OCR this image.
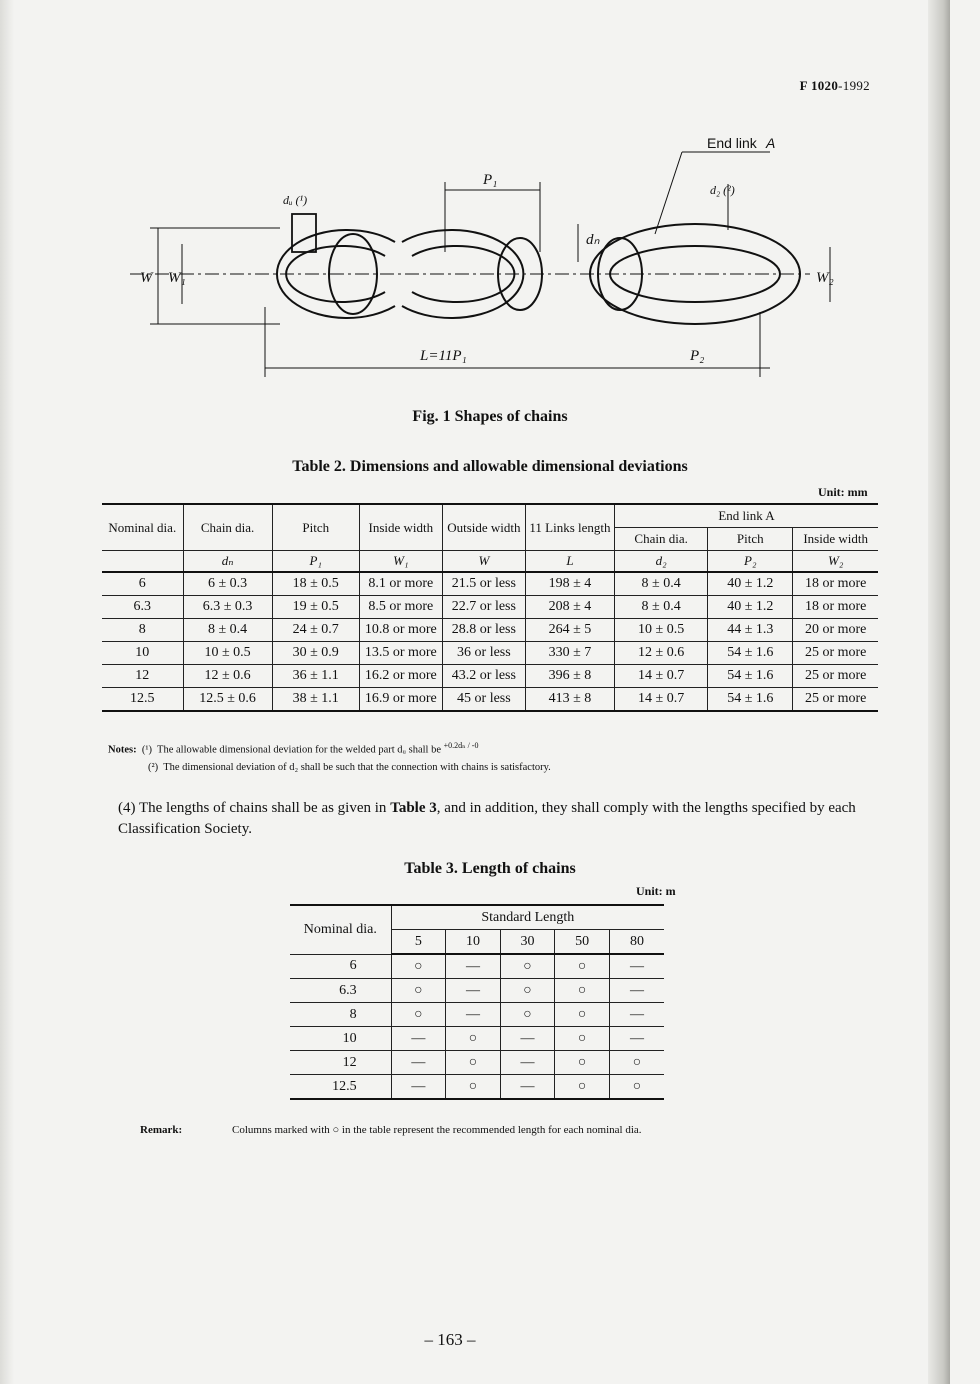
F 1020-1992
P₁
W W₁
dₙ
W₂
L=11P₁	P₂
dᵤ (¹)
d₂ (²)
End link A
Fig. 1 Shapes of chains
Table 2. Dimensions and allowable dimensional deviations
Unit: mm
Nominal dia.	Chain dia.	Pitch	Inside width	Outside width	11 Links length	End link A		
						Chain dia.	Pitch	Inside width
	dₙ	P₁	W₁	W	L	d₂	P₂	W₂
6	6 ± 0.3	18 ± 0.5	8.1 or more	21.5 or less	198 ± 4	8 ± 0.4	40 ± 1.2	18 or more
6.3	6.3 ± 0.3	19 ± 0.5	8.5 or more	22.7 or less	208 ± 4	8 ± 0.4	40 ± 1.2	18 or more
8	8 ± 0.4	24 ± 0.7	10.8 or more	28.8 or less	264 ± 5	10 ± 0.5	44 ± 1.3	20 or more
10	10 ± 0.5	30 ± 0.9	13.5 or more	36 or less	330 ± 7	12 ± 0.6	54 ± 1.6	25 or more
12	12 ± 0.6	36 ± 1.1	16.2 or more	43.2 or less	396 ± 8	14 ± 0.7	54 ± 1.6	25 or more
12.5	12.5 ± 0.6	38 ± 1.1	16.9 or more	45 or less	413 ± 8	14 ± 0.7	54 ± 1.6	25 or more
Notes: (¹) The allowable dimensional deviation for the welded part dᵤ shall be $^{+0.2d_n / -0}$
(²) The dimensional deviation of d₂ shall be such that the connection with chains is satisfactory.
(4) The lengths of chains shall be as given in Table 3, and in addition, they shall comply with the lengths specified by each Classification Society.
Table 3. Length of chains
Unit: m
Nominal dia.	Standard Length				
	5	10	30	50	80
6	○	—	○	○	—
6.3	○	—	○	○	—
8	○	—	○	○	—
10	—	○	—	○	—
12	—	○	—	○	○
12.5	—	○	—	○	○
Remark:	Columns marked with ○ in the table represent the recommended length for each nominal dia.
– 163 –
